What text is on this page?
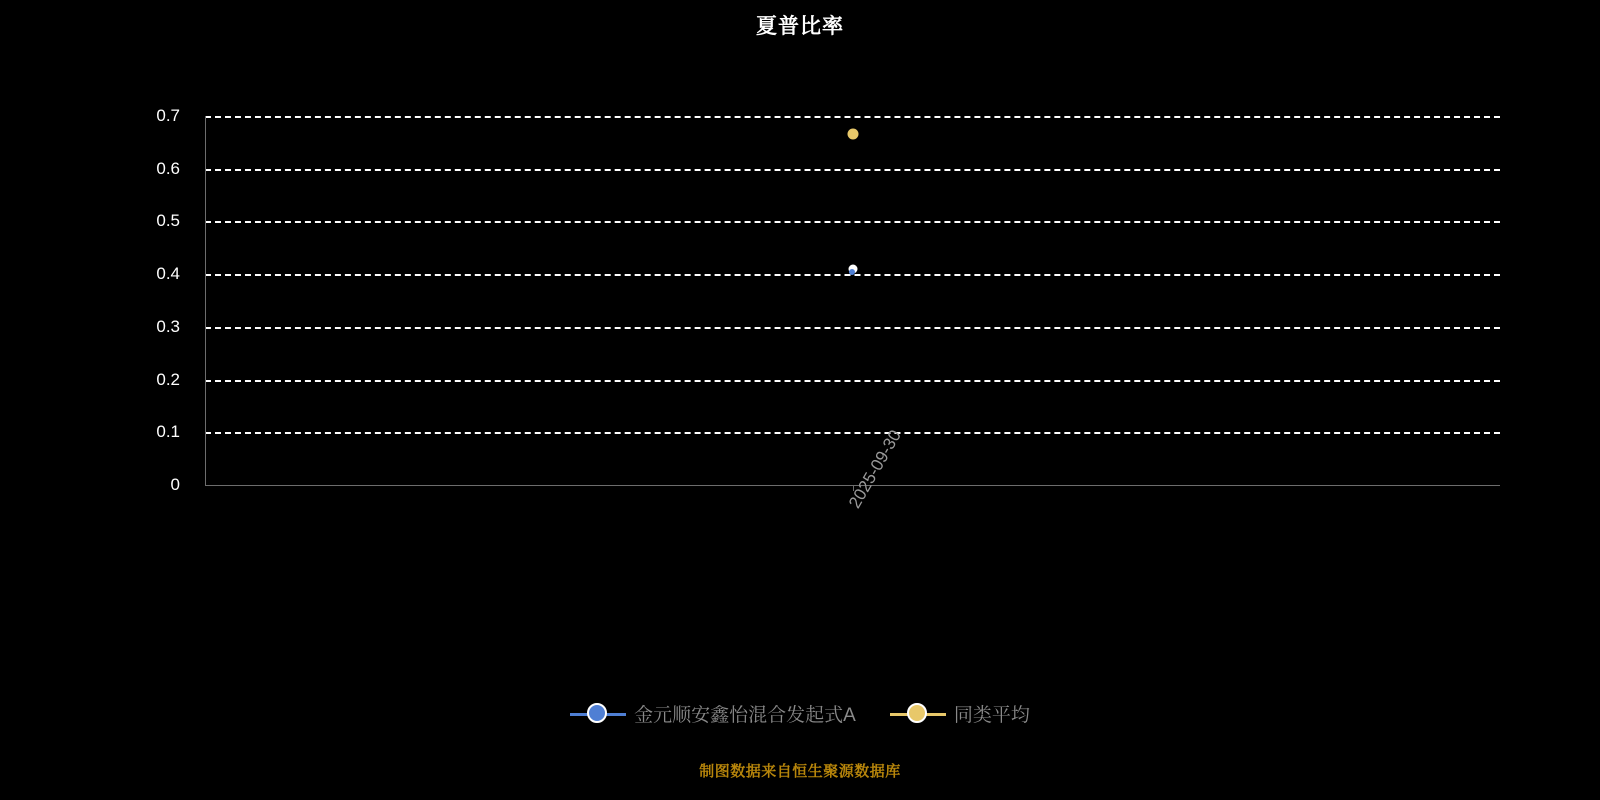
夏普比率
0
0.1
0.2
0.3
0.4
0.5
0.6
0.7
2025-09-30
金元顺安鑫怡混合发起式A	同类平均
制图数据来自恒生聚源数据库
